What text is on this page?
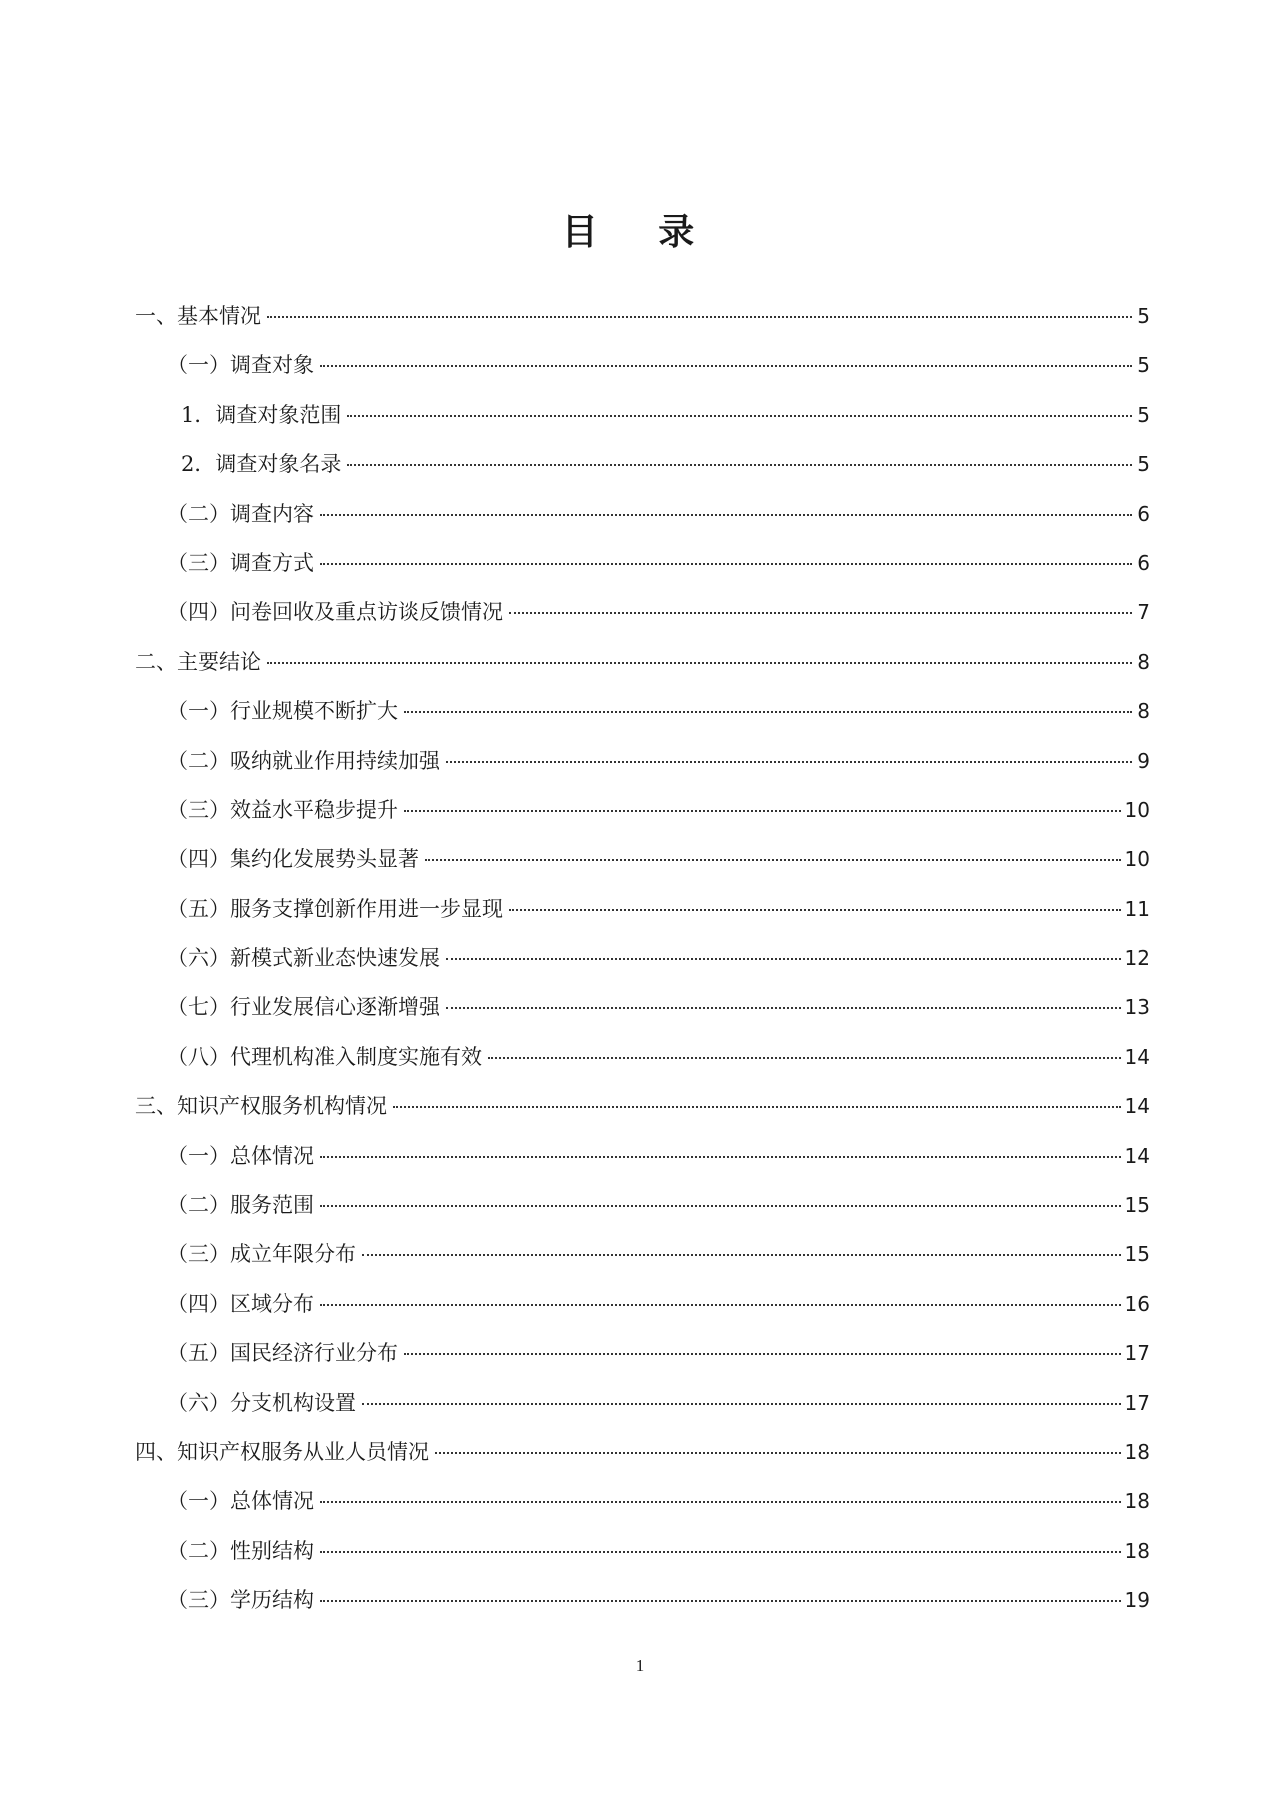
目 录
一、基本情况	5
（一）调查对象	5
1．调查对象范围	5
2．调查对象名录	5
（二）调查内容	6
（三）调查方式	6
（四）问卷回收及重点访谈反馈情况	7
二、主要结论	8
（一）行业规模不断扩大	8
（二）吸纳就业作用持续加强	9
（三）效益水平稳步提升	10
（四）集约化发展势头显著	10
（五）服务支撑创新作用进一步显现	11
（六）新模式新业态快速发展	12
（七）行业发展信心逐渐增强	13
（八）代理机构准入制度实施有效	14
三、知识产权服务机构情况	14
（一）总体情况	14
（二）服务范围	15
（三）成立年限分布	15
（四）区域分布	16
（五）国民经济行业分布	17
（六）分支机构设置	17
四、知识产权服务从业人员情况	18
（一）总体情况	18
（二）性别结构	18
（三）学历结构	19
1
